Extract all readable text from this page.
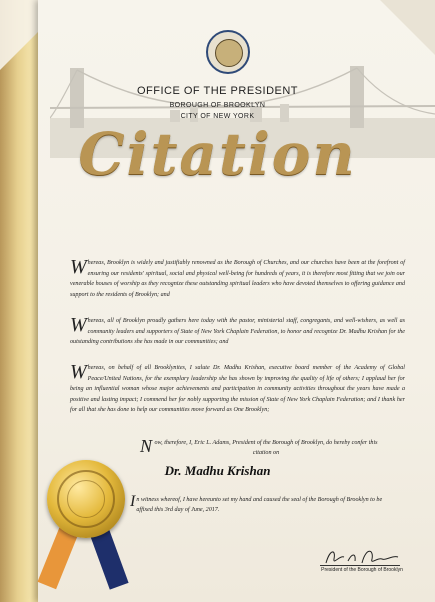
OFFICE OF THE PRESIDENT
BOROUGH OF BROOKLYN
CITY OF NEW YORK
Citation
Whereas, Brooklyn is widely and justifiably renowned as the Borough of Churches, and our churches have been at the forefront of ensuring our residents' spiritual, social and physical well-being for hundreds of years, it is therefore most fitting that we join our venerable houses of worship as they recognize these outstanding spiritual leaders who have devoted themselves to offering guidance and support to the residents of Brooklyn; and
Whereas, all of Brooklyn proudly gathers here today with the pastor, ministerial staff, congregants, and well-wishers, as well as community leaders and supporters of State of New York Chaplain Federation, to honor and recognize Dr. Madhu Krishan for the outstanding contributions she has made in our communities; and
Whereas, on behalf of all Brooklynites, I salute Dr. Madhu Krishan, executive board member of the Academy of Global Peace/United Nations, for the exemplary leadership she has shown by improving the quality of life of others; I applaud her for being an influential woman whose major achievements and participation in community activities throughout the years have made a positive and lasting impact; I commend her for nobly supporting the mission of State of New York Chaplain Federation; and I thank her for all that she has done to help our communities move forward as One Brooklyn;
Now, therefore, I, Eric L. Adams, President of the Borough of Brooklyn, do hereby confer this citation on
Dr. Madhu Krishan
In witness whereof, I have hereunto set my hand and caused the seal of the Borough of Brooklyn to be affixed this 3rd day of June, 2017.
President of the Borough of Brooklyn
